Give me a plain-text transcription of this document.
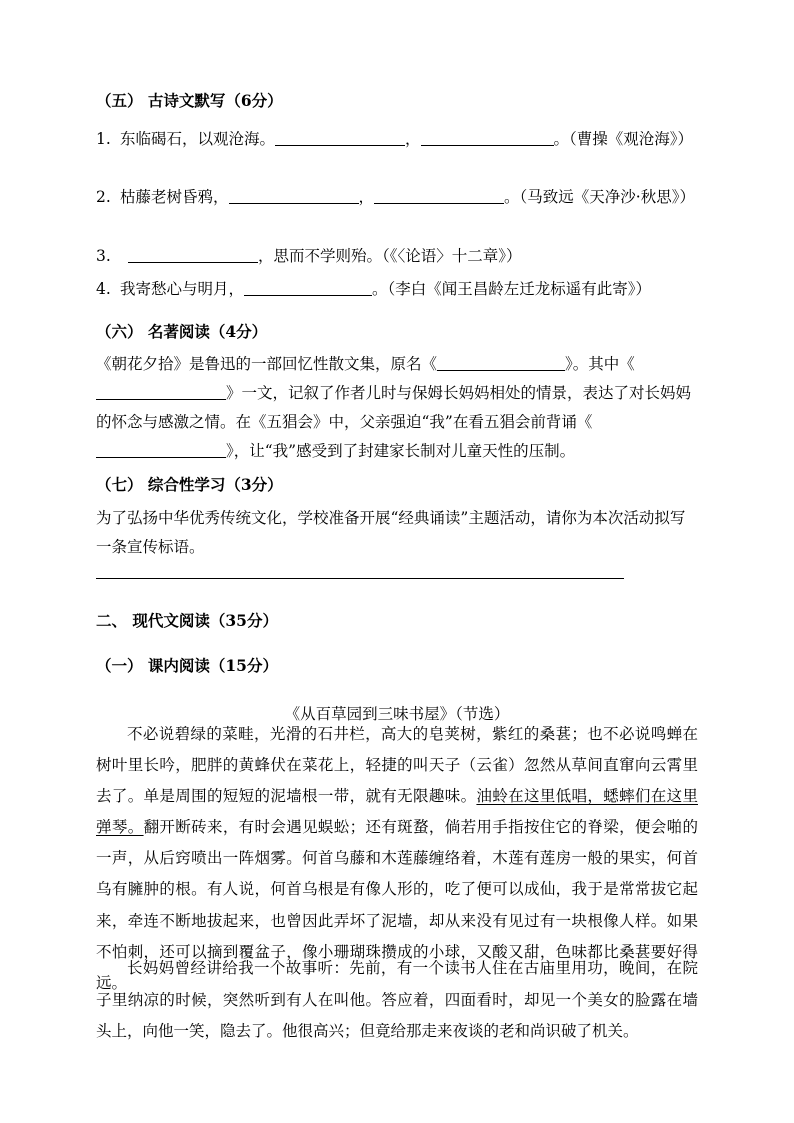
（五） 古诗文默写（6分）

1. 东临碣石，以观沧海。	，	。（曹操《观沧海》）

2. 枯藤老树昏鸦，	，	。（马致远《天净沙·秋思》）

3.	，思而不学则殆。（《〈论语〉十二章》）

4. 我寄愁心与明月，	。（李白《闻王昌龄左迁龙标遥有此寄》）

（六） 名著阅读（4分）

《朝花夕拾》是鲁迅的一部回忆性散文集，原名《	》。其中《》一文，记叙了作者儿时与保姆长妈妈相处的情景，表达了对长妈妈的怀念与感激之情。在《五猖会》中，父亲强迫“我”在看五猖会前背诵《》，让“我”感受到了封建家长制对儿童天性的压制。

（七） 综合性学习（3分）

为了弘扬中华优秀传统文化，学校准备开展“经典诵读”主题活动，请你为本次活动拟写一条宣传标语。

二、 现代文阅读（35分）

（一） 课内阅读（15分）

《从百草园到三味书屋》（节选）

不必说碧绿的菜畦，光滑的石井栏，高大的皂荚树，紫红的桑葚；也不必说鸣蝉在树叶里长吟，肥胖的黄蜂伏在菜花上，轻捷的叫天子（云雀）忽然从草间直窜向云霄里去了。单是周围的短短的泥墙根一带，就有无限趣味。油蛉在这里低唱，蟋蟀们在这里弹琴。翻开断砖来，有时会遇见蜈蚣；还有斑蝥，倘若用手指按住它的脊梁，便会啪的一声，从后窍喷出一阵烟雾。何首乌藤和木莲藤缠络着，木莲有莲房一般的果实，何首乌有臃肿的根。有人说，何首乌根是有像人形的，吃了便可以成仙，我于是常常拔它起来，牵连不断地拔起来，也曾因此弄坏了泥墙，却从来没有见过有一块根像人样。如果不怕刺，还可以摘到覆盆子，像小珊瑚珠攒成的小球，又酸又甜，色味都比桑葚要好得远。

长妈妈曾经讲给我一个故事听：先前，有一个读书人住在古庙里用功，晚间，在院子里纳凉的时候，突然听到有人在叫他。答应着，四面看时，却见一个美女的脸露在墙头上，向他一笑，隐去了。他很高兴；但竟给那走来夜谈的老和尚识破了机关。
